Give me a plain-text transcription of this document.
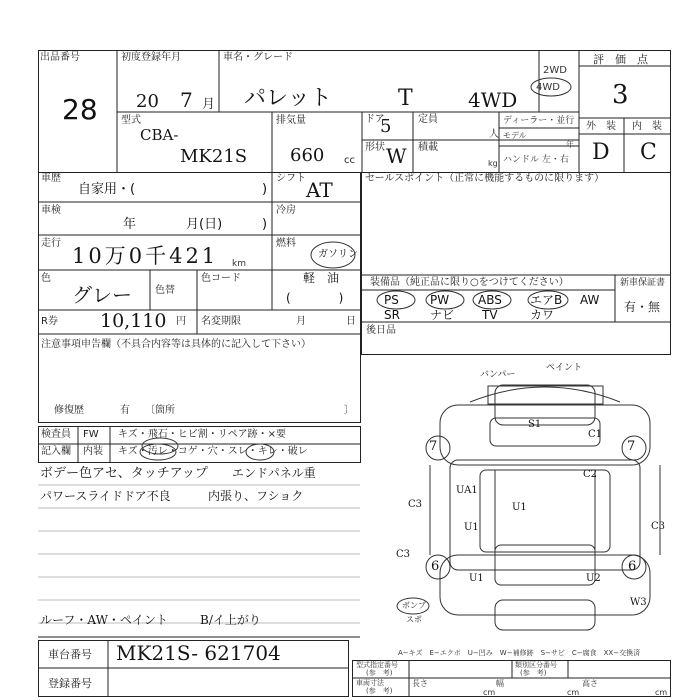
出品番号
28
初度登録年月
20 7 月
車名・グレード
パレット	T	4WD
2WD
4WD
評　価　点
3
外　装 内　装
D C
型式
CBA-
MK21S
排気量
660 cc
ドア
5	定員
人
形状 W 積載
kg
ディーラー・並行
モデル
年
ハンドル 左・右
車歴
自家用・(	)
シフト AT	セールスポイント（正常に機能するものに限ります）
車検
年	月(日)	)
冷房
走行
10万0千421 km
燃料
ガソリン
軽　油
(　　　　)
色
グレー 色替
色コード
R券 10,110 円 名変期限	月	日
注意事項申告欄（不具合内容等は具体的に記入して下さい）
修復歴	有 〔箇所	〕
装備品（純正品に限り○をつけてください）	新車保証書
有・無
PS	PW ABS エアB AW
SR	ナビ TV	カワ
後日品
検査員 FW キズ・飛石・ヒビ割・リペア跡・×要
記入欄 内装 キズ・汚レ・コゲ・穴・スレ・キレ・破レ
ボデー色アセ、タッチアップ エンドパネル重
パワースライドドア不良	内張り、フショク
ルーフ・AW・ペイント	B/イ上がり
バンパー
ペイント
S1
C1
7	7
C3
C3
C3
UA1
U1
U1
U2
U1
W3
C2
6	6
ボンプ
スポ
A−キズ　E−エクボ　U−凹み　W−補修跡　S−サビ　C−腐食　XX−交換済
車台番号 MK21S- 621704
登録番号
型式指定番号
(参　考)
類別区分番号
(参　考)
車両寸法
(参　考)
長さ
cm
幅
cm
高さ
cm
